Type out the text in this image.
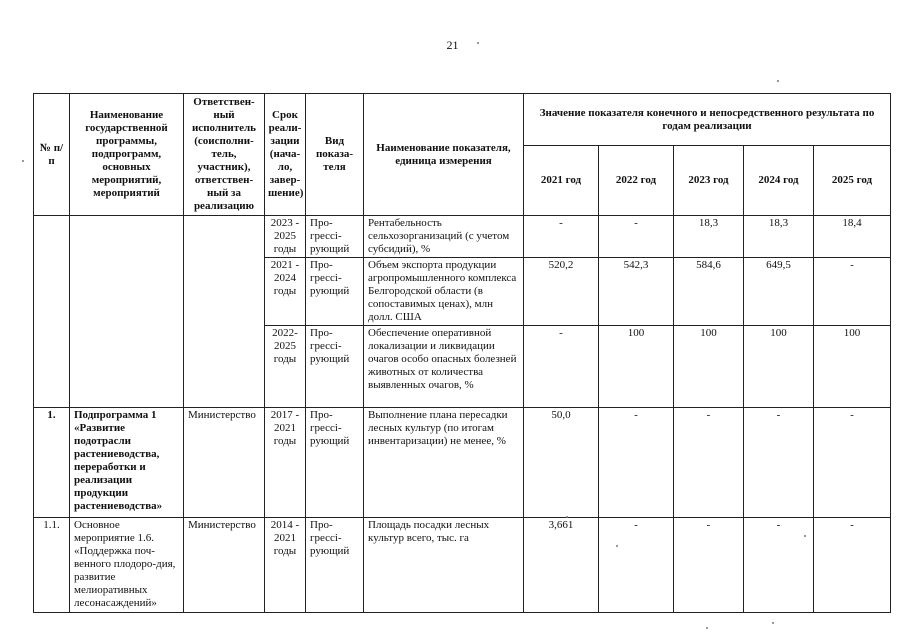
21
№ п/п	Наименование государственной программы, подпрограмм, основных мероприятий, мероприятий	Ответствен-ный исполнитель (соисполни-тель, участник), ответствен-ный за реализацию	Срок реали-зации (нача-ло, завер-шение)	Вид показа-теля	Наименование показателя, единица измерения	Значение показателя конечного и непосредственного результата по годам реализации				
						2021 год	2022 год	2023 год	2024 год	2025 год
			2023 - 2025 годы	Про-грессі-рующий	Рентабельность сельхозорганизаций (с учетом субсидий), %	-	-	18,3	18,3	18,4
			2021 - 2024 годы	Про-грессі-рующий	Объем экспорта продукции агропромышленного комплекса Белгородской области (в сопоставимых ценах), млн долл. США	520,2	542,3	584,6	649,5	-
			2022-2025 годы	Про-грессі-рующий	Обеспечение оперативной локализации и ликвидации очагов особо опасных болезней животных от количества выявленных очагов, %	-	100	100	100	100
1.	Подпрограмма 1 «Развитие подотрасли растениеводства, переработки и реализации продукции растениеводства»	Министерство	2017 - 2021 годы	Про-грессі-рующий	Выполнение плана пересадки лесных культур (по итогам инвентаризации) не менее, %	50,0	-	-	-	-
1.1.	Основное мероприятие 1.6. «Поддержка поч-венного плодоро-дия, развитие мелиоративных лесонасаждений»	Министерство	2014 - 2021 годы	Про-грессі-рующий	Площадь посадки лесных культур всего, тыс. га	3,661	-	-	-	-
